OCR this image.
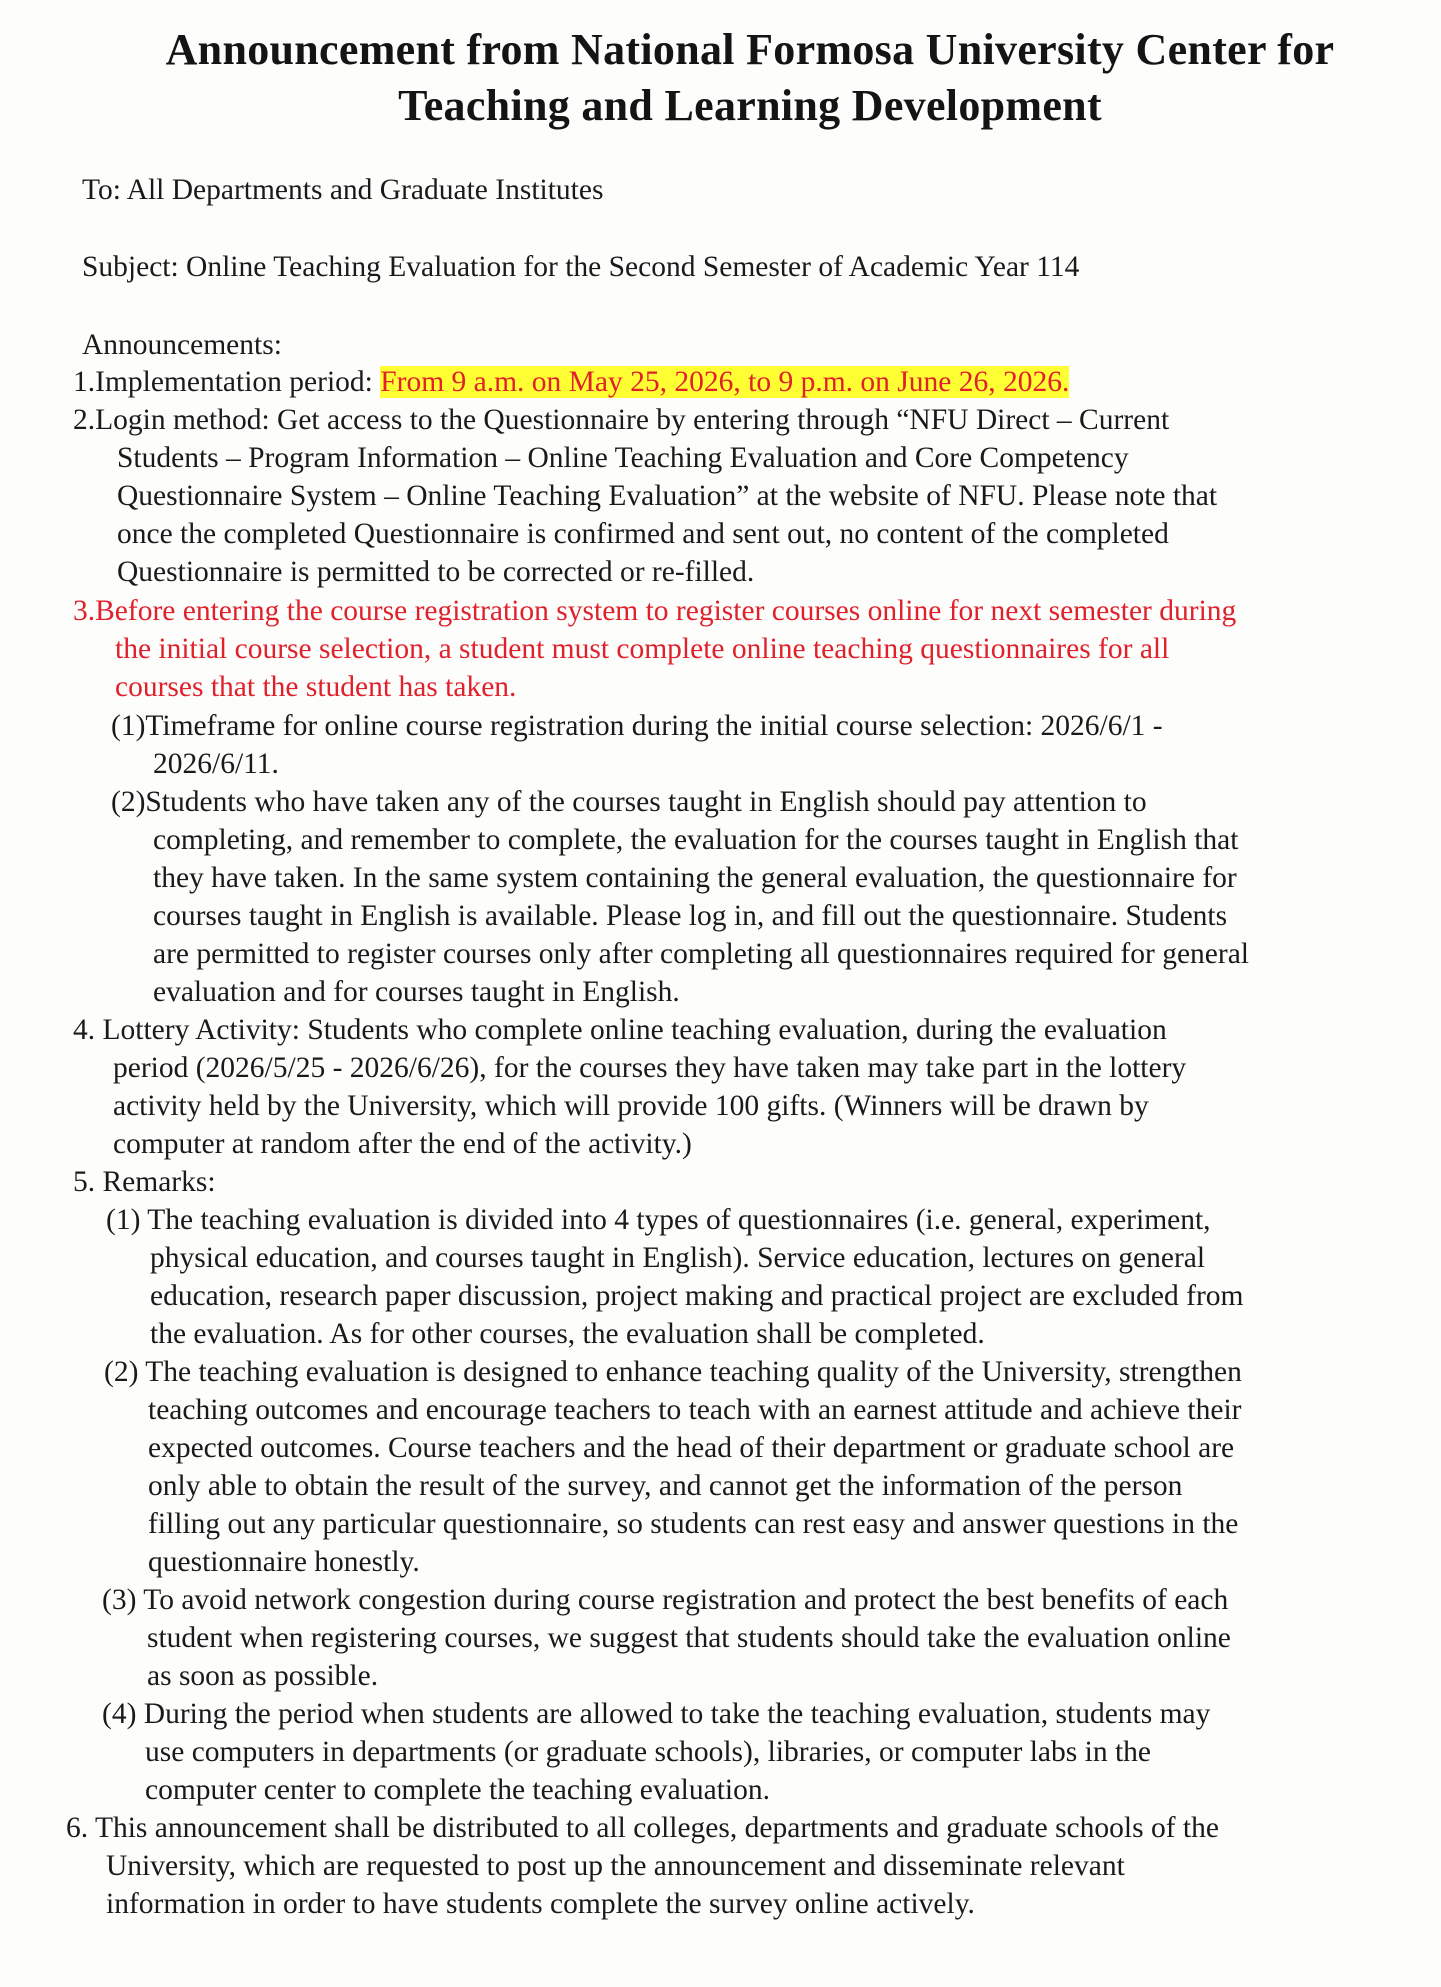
Announcement from National Formosa University Center for
Teaching and Learning Development
To: All Departments and Graduate Institutes
Subject: Online Teaching Evaluation for the Second Semester of Academic Year 114
Announcements:
1.Implementation period: From 9 a.m. on May 25, 2026, to 9 p.m. on June 26, 2026.
2.Login method: Get access to the Questionnaire by entering through “NFU Direct – Current
Students – Program Information – Online Teaching Evaluation and Core Competency
Questionnaire System – Online Teaching Evaluation” at the website of NFU. Please note that
once the completed Questionnaire is confirmed and sent out, no content of the completed
Questionnaire is permitted to be corrected or re-filled.
3.Before entering the course registration system to register courses online for next semester during
the initial course selection, a student must complete online teaching questionnaires for all
courses that the student has taken.
(1)Timeframe for online course registration during the initial course selection: 2026/6/1 -
2026/6/11.
(2)Students who have taken any of the courses taught in English should pay attention to
completing, and remember to complete, the evaluation for the courses taught in English that
they have taken. In the same system containing the general evaluation, the questionnaire for
courses taught in English is available. Please log in, and fill out the questionnaire. Students
are permitted to register courses only after completing all questionnaires required for general
evaluation and for courses taught in English.
4. Lottery Activity: Students who complete online teaching evaluation, during the evaluation
period (2026/5/25 - 2026/6/26), for the courses they have taken may take part in the lottery
activity held by the University, which will provide 100 gifts. (Winners will be drawn by
computer at random after the end of the activity.)
5. Remarks:
(1) The teaching evaluation is divided into 4 types of questionnaires (i.e. general, experiment,
physical education, and courses taught in English). Service education, lectures on general
education, research paper discussion, project making and practical project are excluded from
the evaluation. As for other courses, the evaluation shall be completed.
(2) The teaching evaluation is designed to enhance teaching quality of the University, strengthen
teaching outcomes and encourage teachers to teach with an earnest attitude and achieve their
expected outcomes. Course teachers and the head of their department or graduate school are
only able to obtain the result of the survey, and cannot get the information of the person
filling out any particular questionnaire, so students can rest easy and answer questions in the
questionnaire honestly.
(3) To avoid network congestion during course registration and protect the best benefits of each
student when registering courses, we suggest that students should take the evaluation online
as soon as possible.
(4) During the period when students are allowed to take the teaching evaluation, students may
use computers in departments (or graduate schools), libraries, or computer labs in the
computer center to complete the teaching evaluation.
6. This announcement shall be distributed to all colleges, departments and graduate schools of the
University, which are requested to post up the announcement and disseminate relevant
information in order to have students complete the survey online actively.
